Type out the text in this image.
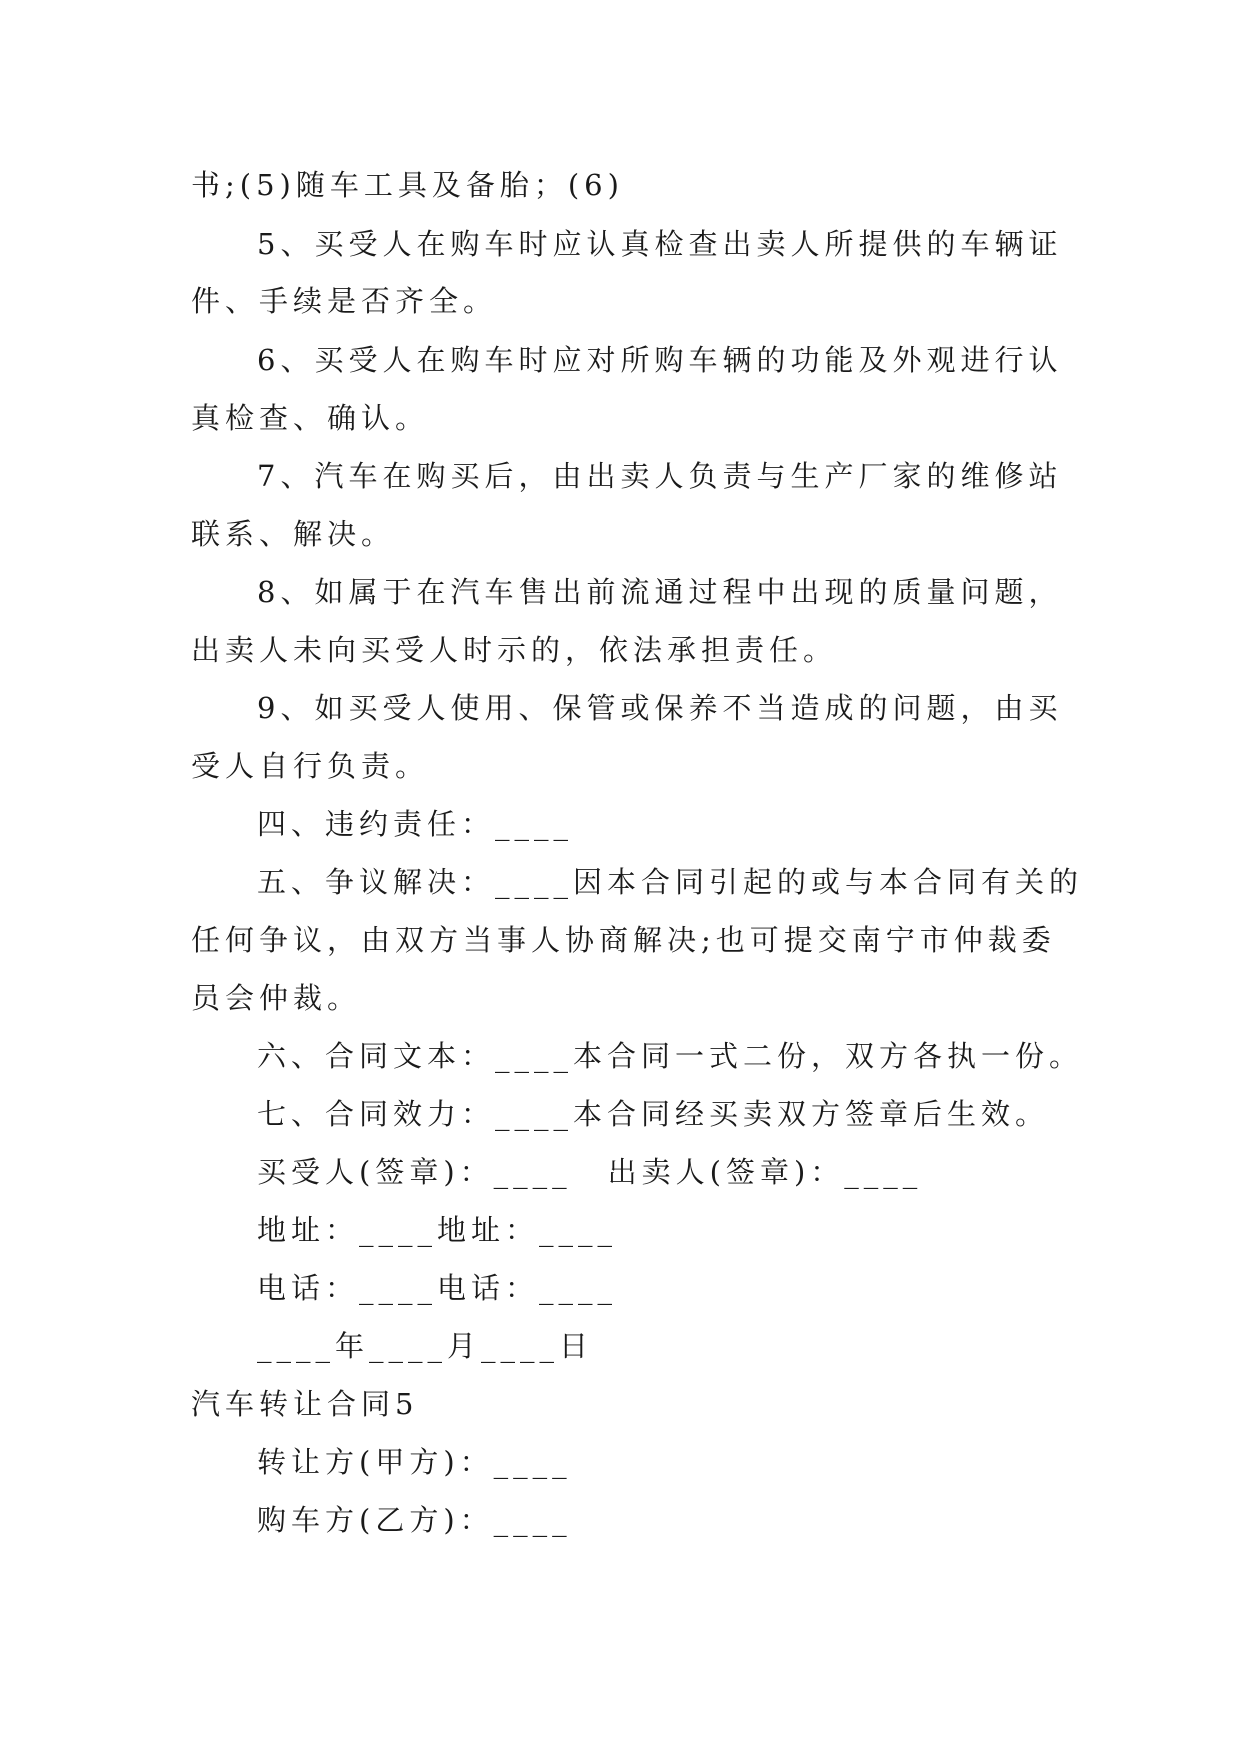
书;(5)随车工具及备胎；(6)
5、买受人在购车时应认真检查出卖人所提供的车辆证
件、手续是否齐全。
6、买受人在购车时应对所购车辆的功能及外观进行认
真检查、确认。
7、汽车在购买后，由出卖人负责与生产厂家的维修站
联系、解决。
8、如属于在汽车售出前流通过程中出现的质量问题，
出卖人未向买受人时示的，依法承担责任。
9、如买受人使用、保管或保养不当造成的问题，由买
受人自行负责。
四、违约责任：____
五、争议解决：____因本合同引起的或与本合同有关的
任何争议，由双方当事人协商解决;也可提交南宁市仲裁委
员会仲裁。
六、合同文本：____本合同一式二份，双方各执一份。
七、合同效力：____本合同经买卖双方签章后生效。
买受人(签章)：____ 出卖人(签章)：____
地址：____地址：____
电话：____电话：____
____年____月____日
汽车转让合同5
转让方(甲方)：____
购车方(乙方)：____
